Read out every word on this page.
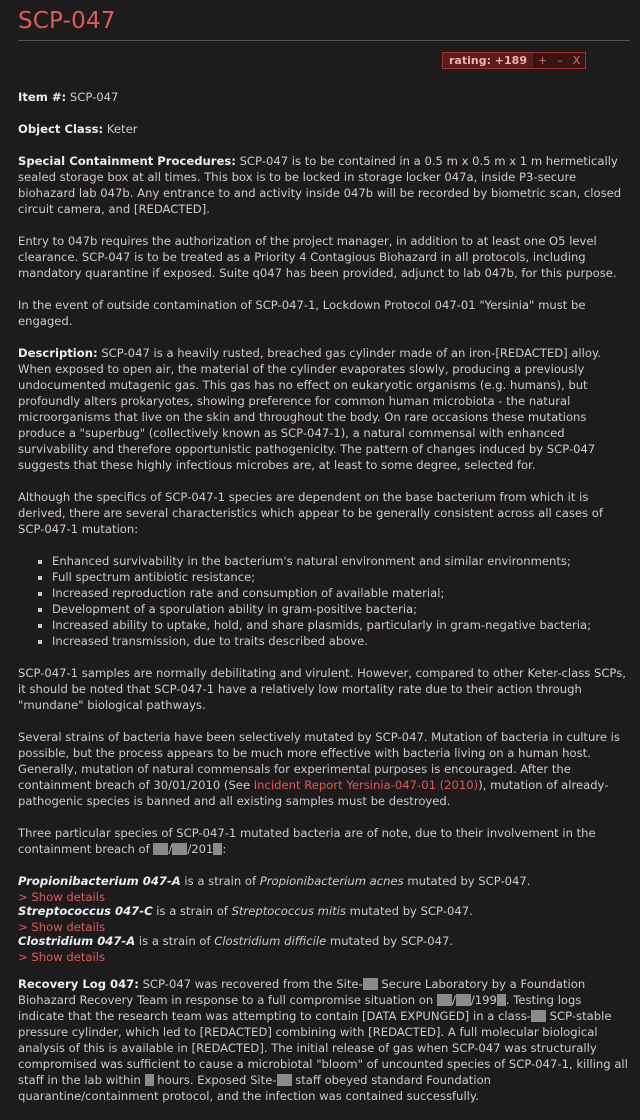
SCP-047

Item #: SCP-047

Object Class: Keter

Special Containment Procedures: SCP-047 is to be contained in a 0.5 m x 0.5 m x 1 m hermetically sealed storage box at all times. This box is to be locked in storage locker 047a, inside P3-secure biohazard lab 047b. Any entrance to and activity inside 047b will be recorded by biometric scan, closed circuit camera, and [REDACTED].

Entry to 047b requires the authorization of the project manager, in addition to at least one O5 level clearance. SCP-047 is to be treated as a Priority 4 Contagious Biohazard in all protocols, including mandatory quarantine if exposed. Suite q047 has been provided, adjunct to lab 047b, for this purpose.

In the event of outside contamination of SCP-047-1, Lockdown Protocol 047-01 "Yersinia" must be engaged.

Description: SCP-047 is a heavily rusted, breached gas cylinder made of an iron-[REDACTED] alloy. When exposed to open air, the material of the cylinder evaporates slowly, producing a previously undocumented mutagenic gas. This gas has no effect on eukaryotic organisms (e.g. humans), but profoundly alters prokaryotes, showing preference for common human microbiota - the natural microorganisms that live on the skin and throughout the body. On rare occasions these mutations produce a "superbug" (collectively known as SCP-047-1), a natural commensal with enhanced survivability and therefore opportunistic pathogenicity. The pattern of changes induced by SCP-047 suggests that these highly infectious microbes are, at least to some degree, selected for.

Although the specifics of SCP-047-1 species are dependent on the base bacterium from which it is derived, there are several characteristics which appear to be generally consistent across all cases of SCP-047-1 mutation:

▪ Enhanced survivability in the bacterium's natural environment and similar environments;
▪ Full spectrum antibiotic resistance;
▪ Increased reproduction rate and consumption of available material;
▪ Development of a sporulation ability in gram-positive bacteria;
▪ Increased ability to uptake, hold, and share plasmids, particularly in gram-negative bacteria;
▪ Increased transmission, due to traits described above.

SCP-047-1 samples are normally debilitating and virulent. However, compared to other Keter-class SCPs, it should be noted that SCP-047-1 have a relatively low mortality rate due to their action through "mundane" biological pathways.

Several strains of bacteria have been selectively mutated by SCP-047. Mutation of bacteria in culture is possible, but the process appears to be much more effective with bacteria living on a human host. Generally, mutation of natural commensals for experimental purposes is encouraged. After the containment breach of 30/01/2010 (See Incident Report Yersinia-047-01 (2010)), mutation of already-pathogenic species is banned and all existing samples must be destroyed.

Three particular species of SCP-047-1 mutated bacteria are of note, due to their involvement in the containment breach of / /201 :

Propionibacterium 047-A is a strain of Propionibacterium acnes mutated by SCP-047.
> Show details
Streptococcus 047-C is a strain of Streptococcus mitis mutated by SCP-047.
> Show details
Clostridium 047-A is a strain of Clostridium difficile mutated by SCP-047.
> Show details

Recovery Log 047: SCP-047 was recovered from the Site- Secure Laboratory by a Foundation Biohazard Recovery Team in response to a full compromise situation on / /199 . Testing logs indicate that the research team was attempting to contain [DATA EXPUNGED] in a class- SCP-stable pressure cylinder, which led to [REDACTED] combining with [REDACTED]. A full molecular biological analysis of this is available in [REDACTED]. The initial release of gas when SCP-047 was structurally compromised was sufficient to cause a microbiotal "bloom" of uncounted species of SCP-047-1, killing all staff in the lab within  hours. Exposed Site- staff obeyed standard Foundation quarantine/containment protocol, and the infection was contained successfully.

rating: +189	+ – X
